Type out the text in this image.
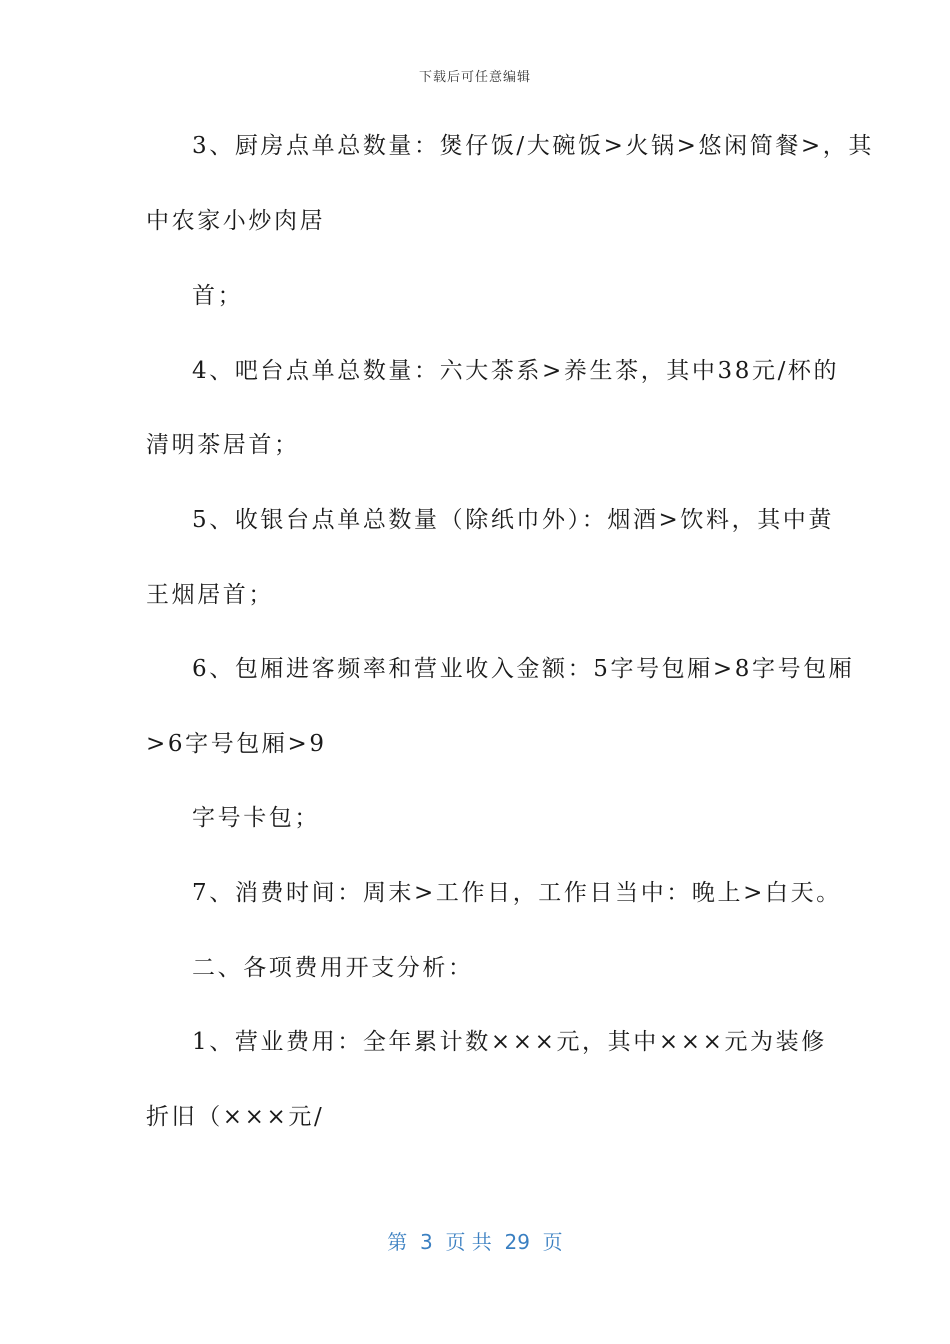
下载后可任意编辑
3、厨房点单总数量：煲仔饭/大碗饭>火锅>悠闲简餐>，其
中农家小炒肉居
首；
4、吧台点单总数量：六大茶系>养生茶，其中38元/杯的
清明茶居首；
5、收银台点单总数量（除纸巾外）：烟酒>饮料，其中黄
王烟居首；
6、包厢进客频率和营业收入金额：5字号包厢>8字号包厢
>6字号包厢>9
字号卡包；
7、消费时间：周末>工作日，工作日当中：晚上>白天。
二、各项费用开支分析：
1、营业费用：全年累计数×××元，其中×××元为装修
折旧（×××元/
第  3  页 共  29  页
